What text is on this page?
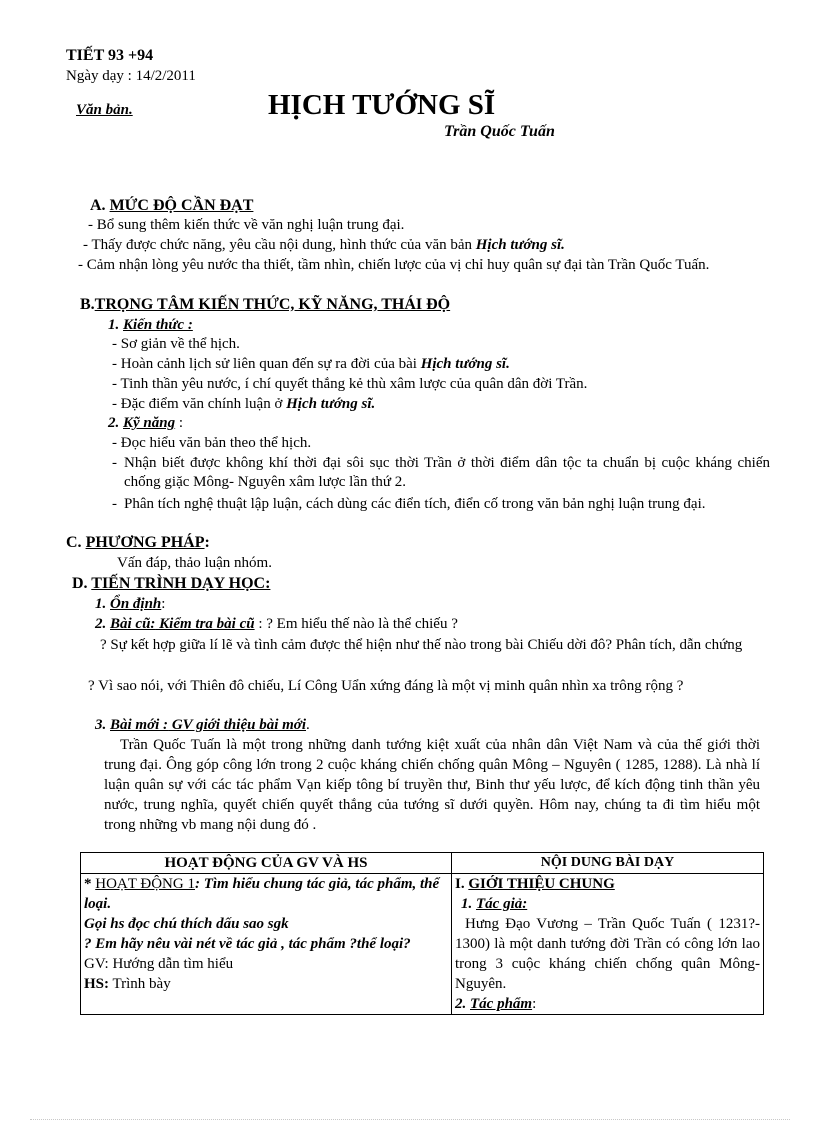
TIẾT 93 +94
Ngày dạy : 14/2/2011
Văn bản.	HỊCH TƯỚNG SĨ
Trần Quốc Tuấn
A. MỨC ĐỘ CẦN ĐẠT
- Bổ sung thêm kiến thức về văn nghị luận trung đại.
- Thấy được chức năng, yêu cầu nội dung, hình thức của văn bản Hịch tướng sĩ.
- Cảm nhận lòng yêu nước tha thiết, tầm nhìn, chiến lược của vị chỉ huy quân sự đại tàn Trần Quốc Tuấn.
B.TRỌNG TÂM KIẾN THỨC, KỸ NĂNG, THÁI ĐỘ
1. Kiến thức :
- Sơ giản về thể hịch.
- Hoàn cảnh lịch sử liên quan đến sự ra đời của bài Hịch tướng sĩ.
- Tinh thần yêu nước, í chí quyết thắng kẻ thù xâm lược của quân dân đời Trần.
- Đặc điểm văn chính luận ở Hịch tướng sĩ.
2. Kỹ năng :
- Đọc hiểu văn bản theo thể hịch.
- Nhận biết được không khí thời đại sôi sục thời Trần ở thời điểm dân tộc ta chuẩn bị cuộc kháng chiến chống giặc Mông- Nguyên xâm lược lần thứ 2.
- Phân tích nghệ thuật lập luận, cách dùng các điển tích, điển cố trong văn bản nghị luận trung đại.
C. PHƯƠNG PHÁP:
Vấn đáp, thảo luận nhóm.
D. TIẾN TRÌNH DẠY HỌC:
1. Ổn định:
2. Bài cũ: Kiểm tra bài cũ : ? Em hiểu thế nào là thể chiếu ?
? Sự kết hợp giữa lí lẽ và tình cảm được thể hiện như thế nào trong bài Chiếu dời đô? Phân tích, dẫn chứng
? Vì sao nói, với Thiên đô chiếu, Lí Công Uẩn xứng đáng là một vị minh quân nhìn xa trông rộng ?
3. Bài mới : GV giới thiệu bài mới.
Trần Quốc Tuấn là một trong những danh tướng kiệt xuất của nhân dân Việt Nam và của thế giới thời trung đại. Ông góp công lớn trong 2 cuộc kháng chiến chống quân Mông – Nguyên ( 1285, 1288). Là nhà lí luận quân sự với các tác phẩm Vạn kiếp tông bí truyền thư, Binh thư yếu lược, để kích động tinh thần yêu nước, trung nghĩa, quyết chiến quyết thắng của tướng sĩ dưới quyền. Hôm nay, chúng ta đi tìm hiểu một trong những vb mang nội dung đó .
HOẠT ĐỘNG CỦA GV VÀ HS	NỘI DUNG BÀI DẠY

* HOẠT ĐỘNG 1: Tìm hiểu chung tác giả, tác phẩm, thể loại.
Gọi hs đọc chú thích dấu sao sgk
? Em hãy nêu vài nét về tác giả , tác phẩm ?thể loại?
GV: Hướng dẫn tìm hiểu
HS: Trình bày	I. GIỚI THIỆU CHUNG
1. Tác giả:
Hưng Đạo Vương – Trần Quốc Tuấn ( 1231?- 1300) là một danh tướng đời Trần có công lớn lao trong 3 cuộc kháng chiến chống quân Mông-Nguyên.
2. Tác phẩm:
